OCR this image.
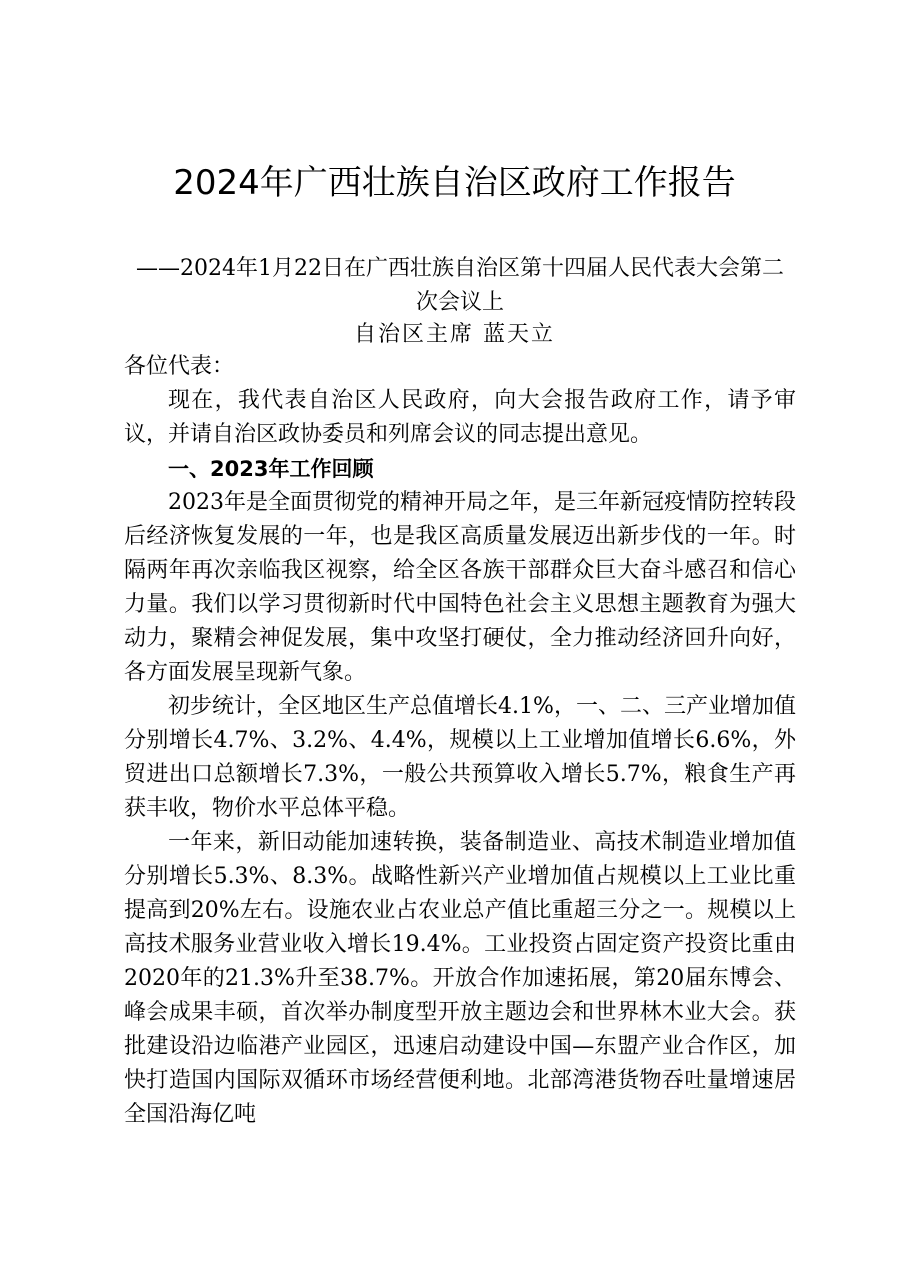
2024年广西壮族自治区政府工作报告

——2024年1月22日在广西壮族自治区第十四届人民代表大会第二次会议上

自治区主席 蓝天立

各位代表：

现在，我代表自治区人民政府，向大会报告政府工作，请予审议，并请自治区政协委员和列席会议的同志提出意见。

一、2023年工作回顾

2023年是全面贯彻党的精神开局之年，是三年新冠疫情防控转段后经济恢复发展的一年，也是我区高质量发展迈出新步伐的一年。时隔两年再次亲临我区视察，给全区各族干部群众巨大奋斗感召和信心力量。我们以学习贯彻新时代中国特色社会主义思想主题教育为强大动力，聚精会神促发展，集中攻坚打硬仗，全力推动经济回升向好，各方面发展呈现新气象。

初步统计，全区地区生产总值增长4.1%，一、二、三产业增加值分别增长4.7%、3.2%、4.4%，规模以上工业增加值增长6.6%，外贸进出口总额增长7.3%，一般公共预算收入增长5.7%，粮食生产再获丰收，物价水平总体平稳。

一年来，新旧动能加速转换，装备制造业、高技术制造业增加值分别增长5.3%、8.3%。战略性新兴产业增加值占规模以上工业比重提高到20%左右。设施农业占农业总产值比重超三分之一。规模以上高技术服务业营业收入增长19.4%。工业投资占固定资产投资比重由2020年的21.3%升至38.7%。开放合作加速拓展，第20届东博会、峰会成果丰硕，首次举办制度型开放主题边会和世界林木业大会。获批建设沿边临港产业园区，迅速启动建设中国—东盟产业合作区，加快打造国内国际双循环市场经营便利地。北部湾港货物吞吐量增速居全国沿海亿吨
